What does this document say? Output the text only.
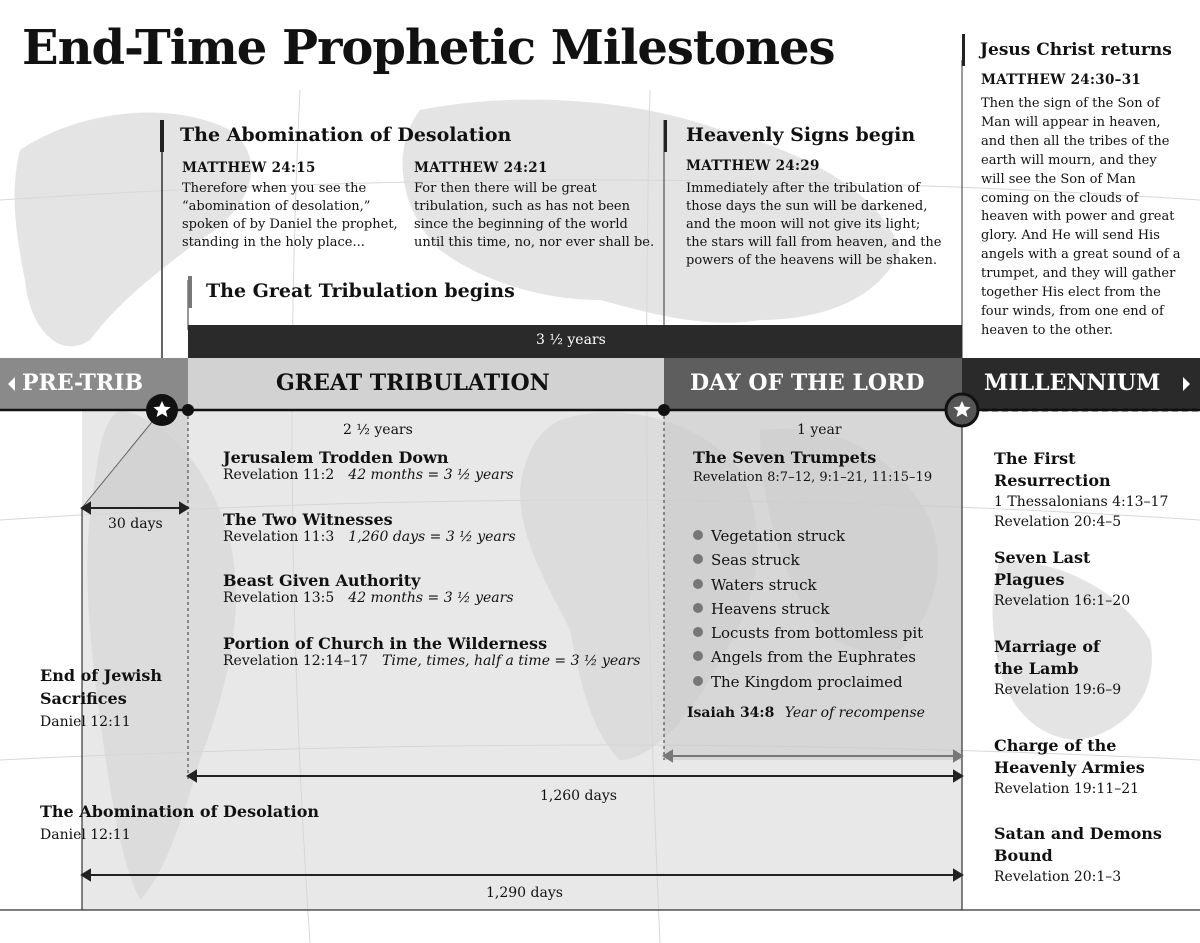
End-Time Prophetic Milestones
The Abomination of Desolation
MATTHEW 24:15
Therefore when you see the
“abomination of desolation,”
spoken of by Daniel the prophet,
standing in the holy place...
MATTHEW 24:21
For then there will be great
tribulation, such as has not been
since the beginning of the world
until this time, no, nor ever shall be.
The Great Tribulation begins
Heavenly Signs begin
MATTHEW 24:29
Immediately after the tribulation of
those days the sun will be darkened,
and the moon will not give its light;
the stars will fall from heaven, and the
powers of the heavens will be shaken.
Jesus Christ returns
MATTHEW 24:30–31
Then the sign of the Son of
Man will appear in heaven,
and then all the tribes of the
earth will mourn, and they
will see the Son of Man
coming on the clouds of
heaven with power and great
glory. And He will send His
angels with a great sound of a
trumpet, and they will gather
together His elect from the
four winds, from one end of
heaven to the other.
3 ½ years
PRE-TRIB	GREAT TRIBULATION	DAY OF THE LORD	MILLENNIUM
2 ½ years	1 year
30 days
1,260 days
1,290 days
Jerusalem Trodden Down
Revelation 11:2 42 months = 3 ½ years
The Two Witnesses
Revelation 11:3 1,260 days = 3 ½ years
Beast Given Authority
Revelation 13:5 42 months = 3 ½ years
Portion of Church in the Wilderness
Revelation 12:14–17 Time, times, half a time = 3 ½ years
The Seven Trumpets
Revelation 8:7–12, 9:1–21, 11:15–19
Vegetation struck
Seas struck
Waters struck
Heavens struck
Locusts from bottomless pit
Angels from the Euphrates
The Kingdom proclaimed
Isaiah 34:8 Year of recompense
End of Jewish
Sacrifices
Daniel 12:11
The Abomination of Desolation
Daniel 12:11
The First
Resurrection
1 Thessalonians 4:13–17
Revelation 20:4–5
Seven Last
Plagues
Revelation 16:1–20
Marriage of
the Lamb
Revelation 19:6–9
Charge of the
Heavenly Armies
Revelation 19:11–21
Satan and Demons
Bound
Revelation 20:1–3
